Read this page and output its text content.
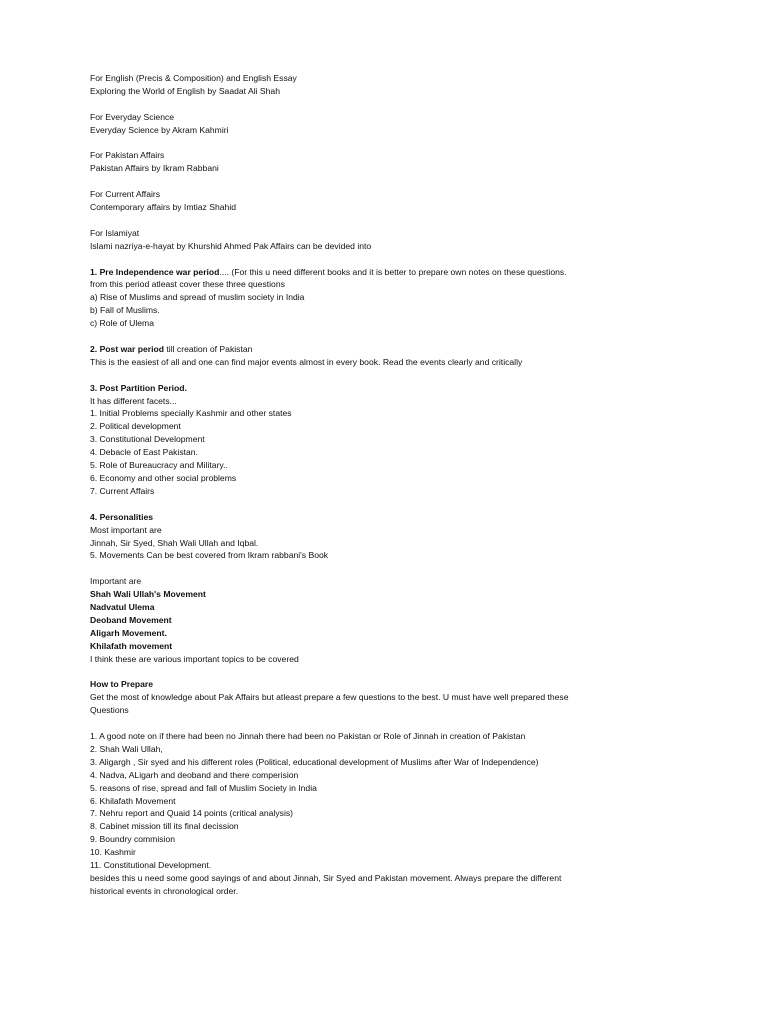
For English (Precis & Composition) and English Essay
Exploring the World of English by Saadat Ali Shah
For Everyday Science
Everyday Science by Akram Kahmiri
For Pakistan Affairs
Pakistan Affairs by Ikram Rabbani
For Current Affairs
Contemporary affairs by Imtiaz Shahid
For Islamiyat
Islami nazriya-e-hayat by Khurshid Ahmed Pak Affairs can be devided into
1. Pre Independence war period.... (For this u need different books and it is better to prepare own notes on these questions.
from this period atleast cover these three questions
a) Rise of Muslims and spread of muslim society in India
b) Fall of Muslims.
c) Role of Ulema
2. Post war period till creation of Pakistan
This is the easiest of all and one can find major events almost in every book. Read the events clearly and critically
3. Post Partition Period.
It has different facets...
1. Initial Problems specially Kashmir and other states
2. Political development
3. Constitutional Development
4. Debacle of East Pakistan.
5. Role of Bureaucracy and Military..
6. Economy and other social problems
7. Current Affairs
4. Personalities
Most important are
Jinnah, Sir Syed, Shah Wali Ullah and Iqbal.
5. Movements Can be best covered from Ikram rabbani's Book
Important are
Shah Wali Ullah's Movement
Nadvatul Ulema
Deoband Movement
Aligarh Movement.
Khilafath movement
I think these are various important topics to be covered
How to Prepare
Get the most of knowledge about Pak Affairs but atleast prepare a few questions to the best. U must have well prepared these
Questions
1. A good note on if there had been no Jinnah there had been no Pakistan or Role of Jinnah in creation of Pakistan
2. Shah Wali Ullah,
3. Aligargh , Sir syed and his different roles (Political, educational development of Muslims after War of Independence)
4. Nadva, ALigarh and deoband and there comperision
5. reasons of rise, spread and fall of Muslim Society in India
6. Khilafath Movement
7. Nehru report and Quaid 14 points (critical analysis)
8. Cabinet mission till its final decission
9. Boundry commision
10. Kashmir
11. Constitutional Development.
besides this u need some good sayings of and about Jinnah, Sir Syed and Pakistan movement. Always prepare the different
historical events in chronological order.
